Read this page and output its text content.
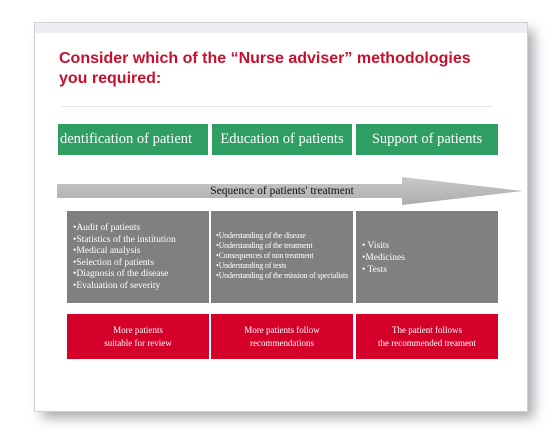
Consider which of the “Nurse adviser” methodologies you required:
dentification of patient	Education of patients	Support of patients
Sequence of patients' treatment
•Audit of patients
•Statistics of the institution
•Medical analysis
•Selection of patients
•Diagnosis of the disease
•Evaluation of severity
•Understanding of the disease
•Understanding of the treatment
•Consequences of non treatment
•Understanding of tests
•Understanding of the mission of specialists
• Visits
•Medicines
• Tests
More patients
suitable for review
More patients follow
recommendations
The patient follows
the recommended treament
